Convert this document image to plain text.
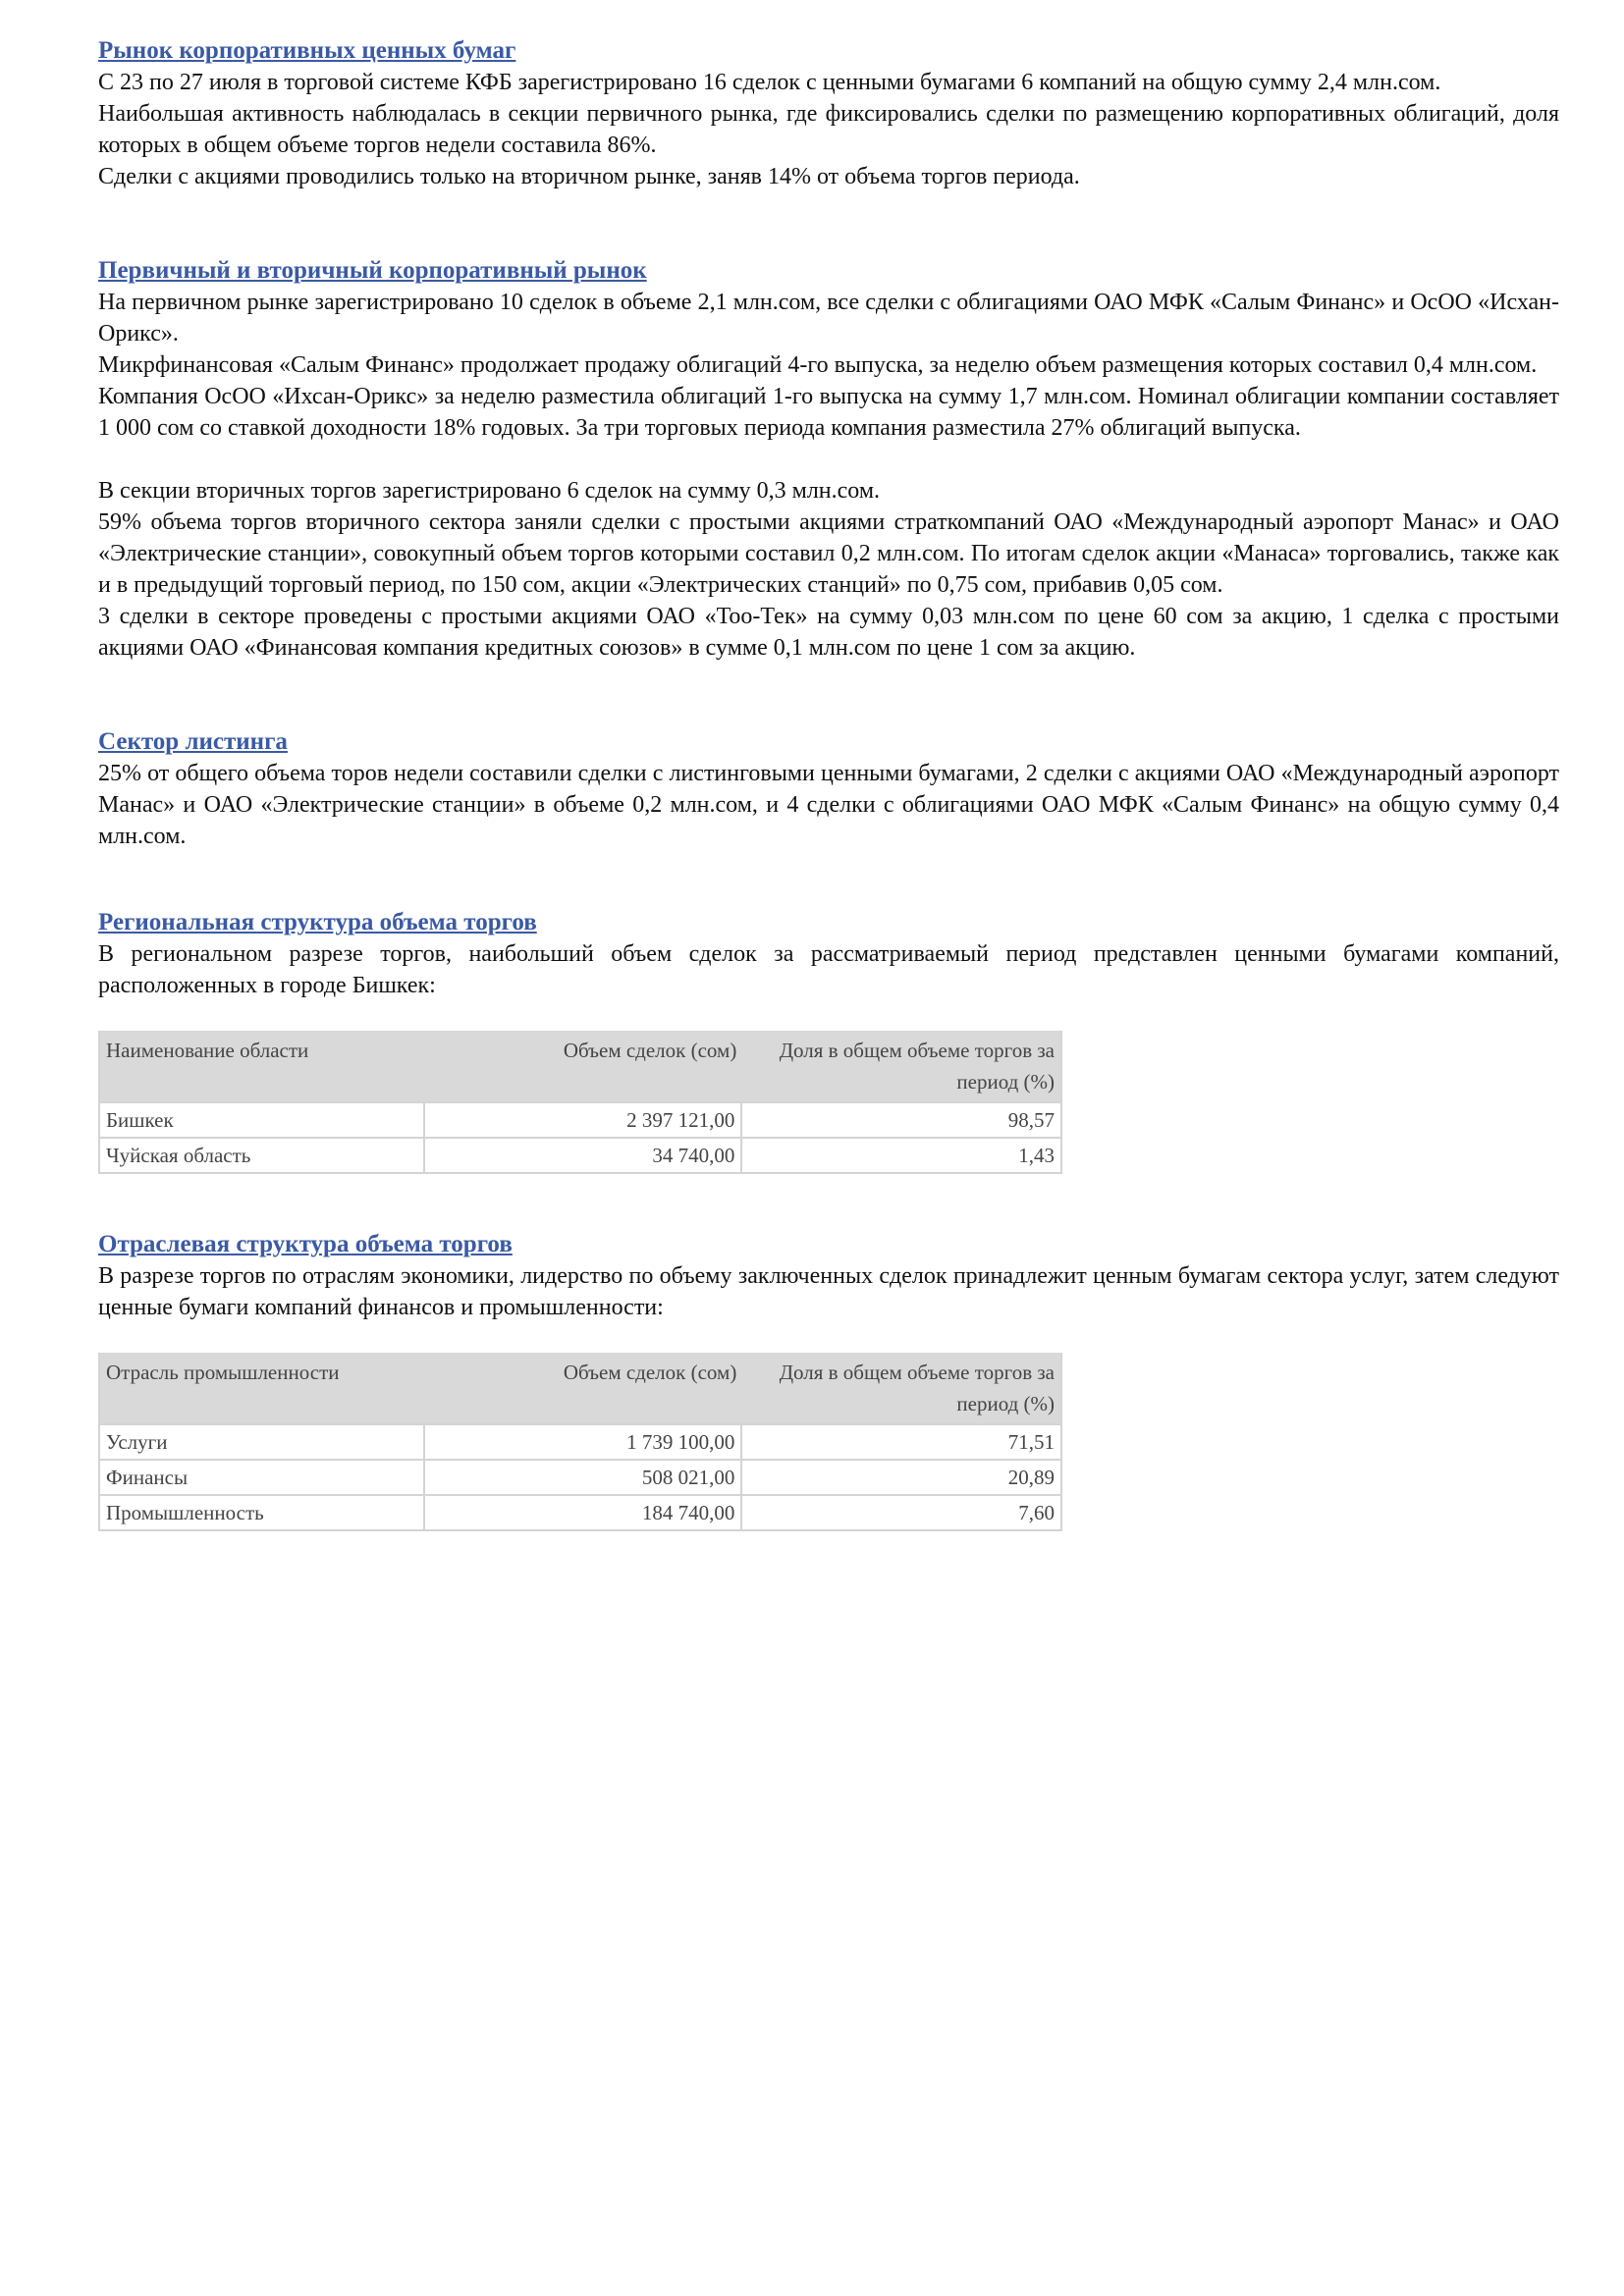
Рынок корпоративных ценных бумаг

С 23 по 27 июля в торговой системе КФБ зарегистрировано 16 сделок с ценными бумагами 6 компаний на общую сумму 2,4 млн.сом.

Наибольшая активность наблюдалась в секции первичного рынка, где фиксировались сделки по размещению корпоративных облигаций, доля которых в общем объеме торгов недели составила 86%.

Сделки с акциями проводились только на вторичном рынке, заняв 14% от объема торгов периода.

Первичный и вторичный корпоративный рынок

На первичном рынке зарегистрировано 10 сделок в объеме 2,1 млн.сом, все сделки с облигациями ОАО МФК «Салым Финанс» и ОсОО «Исхан-Орикс».

Микрфинансовая «Салым Финанс» продолжает продажу облигаций 4-го выпуска, за неделю объем размещения которых составил 0,4 млн.сом.

Компания ОсОО «Ихсан-Орикс» за неделю разместила облигаций 1-го выпуска на сумму 1,7 млн.сом. Номинал облигации компании составляет 1 000 сом со ставкой доходности 18% годовых. За три торговых периода компания разместила 27% облигаций выпуска.

В секции вторичных торгов зарегистрировано 6 сделок на сумму 0,3 млн.сом.

59% объема торгов вторичного сектора заняли сделки с простыми акциями страткомпаний ОАО «Международный аэропорт Манас» и ОАО «Электрические станции», совокупный объем торгов которыми составил 0,2 млн.сом. По итогам сделок акции «Манаса» торговались, также как и в предыдущий торговый период, по 150 сом, акции «Электрических станций» по 0,75 сом, прибавив 0,05 сом.

3 сделки в секторе проведены с простыми акциями ОАО «Тоо-Тек» на сумму 0,03 млн.сом по цене 60 сом за акцию, 1 сделка с простыми акциями ОАО «Финансовая компания кредитных союзов» в сумме 0,1 млн.сом по цене 1 сом за акцию.

Сектор листинга

25% от общего объема торов недели составили сделки с листинговыми ценными бумагами, 2 сделки с акциями ОАО «Международный аэропорт Манас» и ОАО «Электрические станции» в объеме 0,2 млн.сом, и 4 сделки с облигациями ОАО МФК «Салым Финанс» на общую сумму 0,4 млн.сом.

Региональная структура объема торгов

В региональном разрезе торгов, наибольший объем сделок за рассматриваемый период представлен ценными бумагами компаний, расположенных в городе Бишкек:

Наименование области	Объем сделок (сом)	Доля в общем объеме торгов за период (%)
Бишкек	2 397 121,00	98,57
Чуйская область	34 740,00	1,43
Отраслевая структура объема торгов

В разрезе торгов по отраслям экономики, лидерство по объему заключенных сделок принадлежит ценным бумагам сектора услуг, затем следуют ценные бумаги компаний финансов и промышленности:

Отрасль промышленности	Объем сделок (сом)	Доля в общем объеме торгов за период (%)
Услуги	1 739 100,00	71,51
Финансы	508 021,00	20,89
Промышленность	184 740,00	7,60
